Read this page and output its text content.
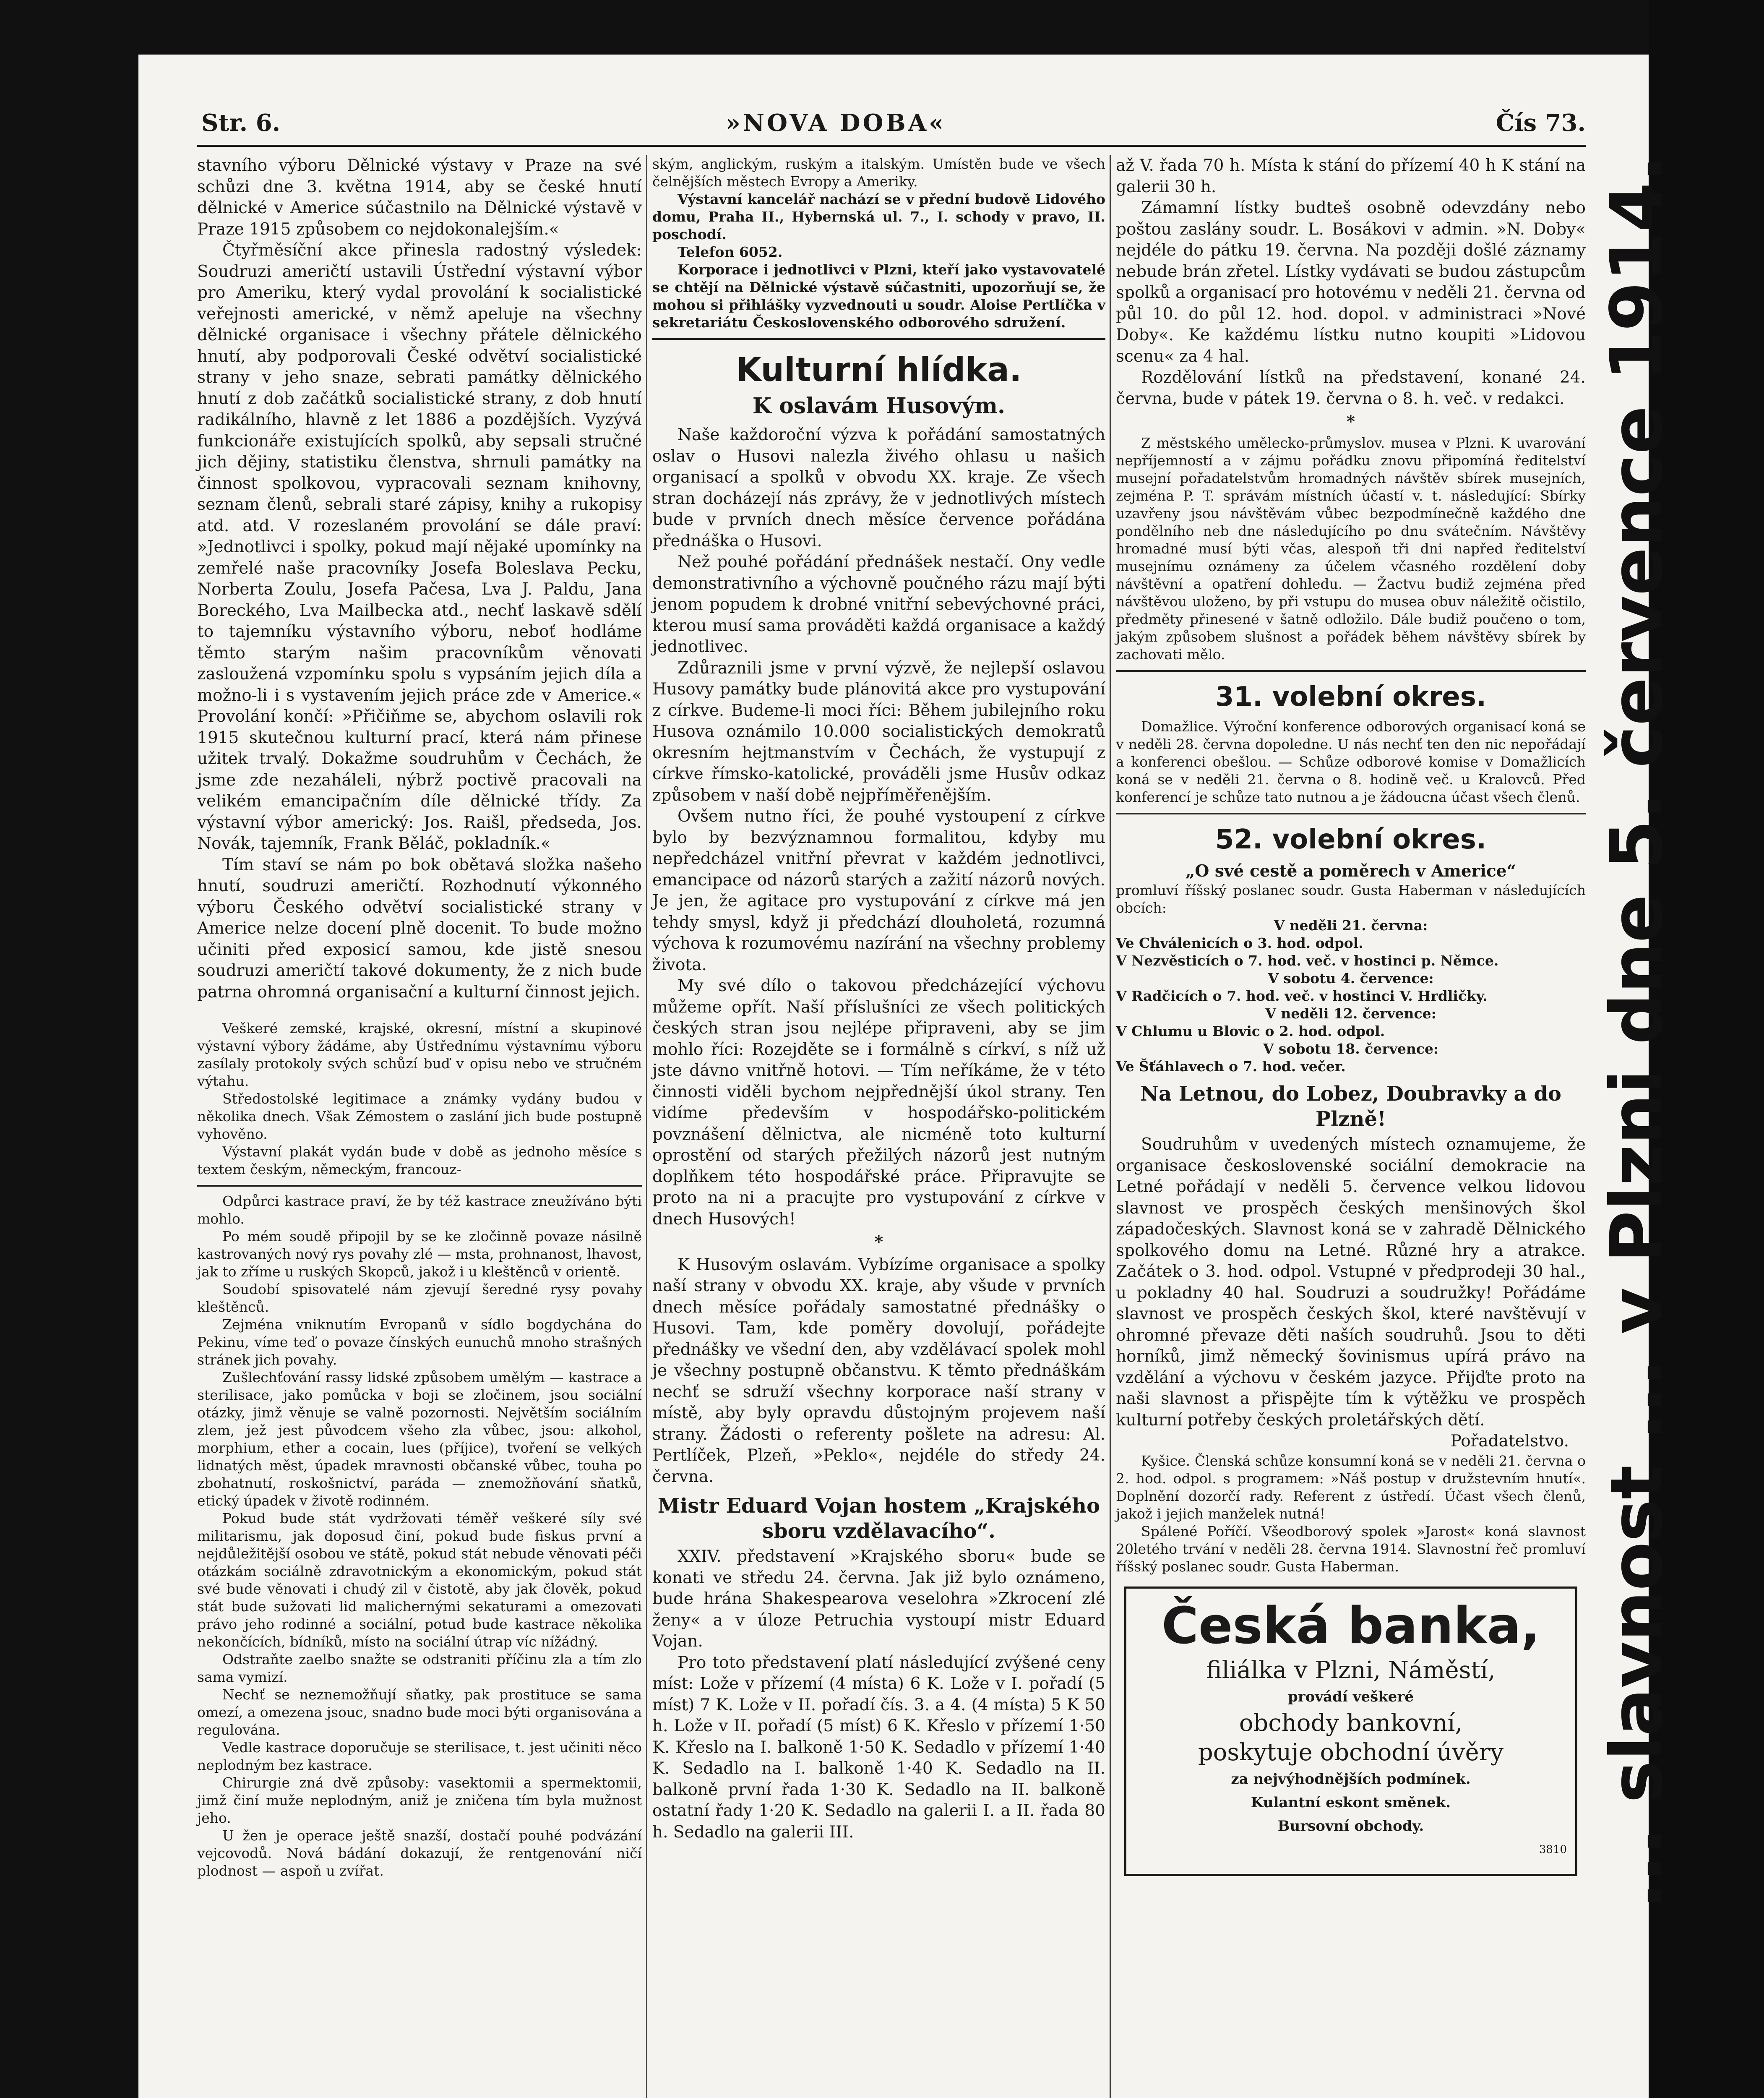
Str. 6.	»NOVA DOBA«	Čís 73.

stavního výboru Dělnické výstavy v Praze na své schůzi dne 3. května 1914, aby se české hnutí dělnické v Americe súčastnilo na Dělnické výstavě v Praze 1915 způsobem co nejdokonalejším.«

Čtyřměsíční akce přinesla radostný výsledek: Soudruzi američtí ustavili Ústřední výstavní výbor pro Ameriku, který vydal provolání k socialistické veřejnosti americké, v němž apeluje na všechny dělnické organisace i všechny přátele dělnického hnutí, aby podporovali České odvětví socialistické strany v jeho snaze, sebrati památky dělnického hnutí z dob začátků socialistické strany, z dob hnutí radikálního, hlavně z let 1886 a pozdějších. Vyzývá funkcionáře existujících spolků, aby sepsali stručné jich dějiny, statistiku členstva, shrnuli památky na činnost spolkovou, vypracovali seznam knihovny, seznam členů, sebrali staré zápisy, knihy a rukopisy atd. atd. V rozeslaném provolání se dále praví: »Jednotlivci i spolky, pokud mají nějaké upomínky na zemřelé naše pracovníky Josefa Boleslava Pecku, Norberta Zoulu, Josefa Pačesa, Lva J. Paldu, Jana Boreckého, Lva Mailbecka atd., nechť laskavě sdělí to tajemníku výstavního výboru, neboť hodláme těmto starým našim pracovníkům věnovati zasloužená vzpomínku spolu s vypsáním jejich díla a možno-li i s vystavením jejich práce zde v Americe.« Provolání končí: »Přičiňme se, abychom oslavili rok 1915 skutečnou kulturní prací, která nám přinese užitek trvalý. Dokažme soudruhům v Čechách, že jsme zde nezaháleli, nýbrž poctivě pracovali na velikém emancipačním díle dělnické třídy. Za výstavní výbor americký: Jos. Raišl, předseda, Jos. Novák, tajemník, Frank Běláč, pokladník.«

Tím staví se nám po bok obětavá složka našeho hnutí, soudruzi američtí. Rozhodnutí výkonného výboru Českého odvětví socialistické strany v Americe nelze docení plně docenit. To bude možno učiniti před exposicí samou, kde jistě snesou soudruzi američtí takové dokumenty, že z nich bude patrna ohromná organisační a kulturní činnost jejich.

Veškeré zemské, krajské, okresní, místní a skupinové výstavní výbory žádáme, aby Ústřednímu výstavnímu výboru zasílaly protokoly svých schůzí buď v opisu nebo ve stručném výtahu.

Středostolské legitimace a známky vydány budou v několika dnech. Však Zémostem o zaslání jich bude postupně vyhověno.

Výstavní plakát vydán bude v době as jednoho měsíce s textem českým, německým, francouz-

Odpůrci kastrace praví, že by též kastrace zneužíváno býti mohlo.

Po mém soudě připojil by se ke zločinně povaze násilně kastrovaných nový rys povahy zlé — msta, prohnanost, lhavost, jak to zříme u ruských Skopců, jakož i u kleštěnců v orientě.

Soudobí spisovatelé nám zjevují šeredné rysy povahy kleštěnců.

Zejména vniknutím Evropanů v sídlo bogdychána do Pekinu, víme teď o povaze čínských eunuchů mnoho strašných stránek jich povahy.

Zušlechťování rassy lidské způsobem umělým — kastrace a sterilisace, jako pomůcka v boji se zločinem, jsou sociální otázky, jimž věnuje se valně pozornosti. Největším sociálním zlem, jež jest původcem všeho zla vůbec, jsou: alkohol, morphium, ether a cocain, lues (příjice), tvoření se velkých lidnatých měst, úpadek mravnosti občanské vůbec, touha po zbohatnutí, roskošnictví, paráda — znemožňování sňatků, etický úpadek v životě rodinném.

Pokud bude stát vydržovati téměř veškeré síly své militarismu, jak doposud činí, pokud bude fiskus první a nejdůležitější osobou ve státě, pokud stát nebude věnovati péči otázkám sociálně zdravotnickým a ekonomickým, pokud stát své bude věnovati i chudý zil v čistotě, aby jak člověk, pokud stát bude sužovati lid malichernými sekaturami a omezovati právo jeho rodinné a sociální, potud bude kastrace několika nekončících, bídníků, místo na sociální útrap víc nížádný.

Odstraňte zaelbo snažte se odstraniti příčinu zla a tím zlo sama vymizí.

Nechť se neznemožňují sňatky, pak prostituce se sama omezí, a omezena jsouc, snadno bude moci býti organisována a regulována.

Vedle kastrace doporučuje se sterilisace, t. jest učiniti něco neplodným bez kastrace.

Chirurgie zná dvě způsoby: vasektomii a spermektomii, jimž činí muže neplodným, aniž je zničena tím byla mužnost jeho.

U žen je operace ještě snazší, dostačí pouhé podvázání vejcovodů. Nová bádání dokazují, že rentgenování ničí plodnost — aspoň u zvířat.

ským, anglickým, ruským a italským. Umístěn bude ve všech čelnějších městech Evropy a Ameriky.

Výstavní kancelář nachází se v přední budově Lidového domu, Praha II., Hybernská ul. 7., I. schody v pravo, II. poschodí.

Telefon 6052.

Korporace i jednotlivci v Plzni, kteří jako vystavovatelé se chtějí na Dělnické výstavě súčastniti, upozorňují se, že mohou si přihlášky vyzvednouti u soudr. Aloise Pertlíčka v sekretariátu Československého odborového sdružení.

Kulturní hlídka.
K oslavám Husovým.

Naše každoroční výzva k pořádání samostatných oslav o Husovi nalezla živého ohlasu u našich organisací a spolků v obvodu XX. kraje. Ze všech stran docházejí nás zprávy, že v jednotlivých místech bude v prvních dnech měsíce července pořádána přednáška o Husovi.

Než pouhé pořádání přednášek nestačí. Ony vedle demonstrativního a výchovně poučného rázu mají býti jenom popudem k drobné vnitřní sebevýchovné práci, kterou musí sama prováděti každá organisace a každý jednotlivec.

Zdůraznili jsme v první výzvě, že nejlepší oslavou Husovy památky bude plánovitá akce pro vystupování z církve. Budeme-li moci říci: Během jubilejního roku Husova oznámilo 10.000 socialistických demokratů okresním hejtmanstvím v Čechách, že vystupují z církve římsko-katolické, prováděli jsme Husův odkaz způsobem v naší době nejpříměřenějším.

Ovšem nutno říci, že pouhé vystoupení z církve bylo by bezvýznamnou formalitou, kdyby mu nepředcházel vnitřní převrat v každém jednotlivci, emancipace od názorů starých a zažití názorů nových. Je jen, že agitace pro vystupování z církve má jen tehdy smysl, když ji předchází dlouholetá, rozumná výchova k rozumovému nazírání na všechny problemy života.

My své dílo o takovou předcházející výchovu můžeme opřít. Naší příslušníci ze všech politických českých stran jsou nejlépe připraveni, aby se jim mohlo říci: Rozejděte se i formálně s církví, s níž už jste dávno vnitřně hotovi. — Tím neříkáme, že v této činnosti viděli bychom nejpřednější úkol strany. Ten vidíme především v hospodářsko-politickém povznášení dělnictva, ale nicméně toto kulturní oprostění od starých přežilých názorů jest nutným doplňkem této hospodářské práce. Připravujte se proto na ni a pracujte pro vystupování z církve v dnech Husových!

*

K Husovým oslavám. Vybízíme organisace a spolky naší strany v obvodu XX. kraje, aby všude v prvních dnech měsíce pořádaly samostatné přednášky o Husovi. Tam, kde poměry dovolují, pořádejte přednášky ve všední den, aby vzdělávací spolek mohl je všechny postupně občanstvu. K těmto přednáškám nechť se sdruží všechny korporace naší strany v místě, aby byly opravdu důstojným projevem naší strany. Žádosti o referenty pošlete na adresu: Al. Pertlíček, Plzeň, »Peklo«, nejdéle do středy 24. června.

Mistr Eduard Vojan hostem „Krajského sboru vzdělavacího“.

XXIV. představení »Krajského sboru« bude se konati ve středu 24. června. Jak již bylo oznámeno, bude hrána Shakespearova veselohra »Zkrocení zlé ženy« a v úloze Petruchia vystoupí mistr Eduard Vojan.

Pro toto představení platí následující zvýšené ceny míst: Lože v přízemí (4 místa) 6 K. Lože v I. pořadí (5 míst) 7 K. Lože v II. pořadí čís. 3. a 4. (4 místa) 5 K 50 h. Lože v II. pořadí (5 míst) 6 K. Křeslo v přízemí 1·50 K. Křeslo na I. balkoně 1·50 K. Sedadlo v přízemí 1·40 K. Sedadlo na I. balkoně 1·40 K. Sedadlo na II. balkoně první řada 1·30 K. Sedadlo na II. balkoně ostatní řady 1·20 K. Sedadlo na galerii I. a II. řada 80 h. Sedadlo na galerii III.

až V. řada 70 h. Místa k stání do přízemí 40 h K stání na galerii 30 h.

Zámamní lístky budteš osobně odevzdány nebo poštou zaslány soudr. L. Bosákovi v admin. »N. Doby« nejdéle do pátku 19. června. Na později došlé záznamy nebude brán zřetel. Lístky vydávati se budou zástupcům spolků a organisací pro hotovému v neděli 21. června od půl 10. do půl 12. hod. dopol. v administraci »Nové Doby«. Ke každému lístku nutno koupiti »Lidovou scenu« za 4 hal.

Rozdělování lístků na představení, konané 24. června, bude v pátek 19. června o 8. h. več. v redakci.

*

Z městského umělecko-průmyslov. musea v Plzni. K uvarování nepříjemností a v zájmu pořádku znovu připomíná ředitelství musejní pořadatelstvům hromadných návštěv sbírek musejních, zejména P. T. správám místních účastí v. t. následující: Sbírky uzavřeny jsou návštěvám vůbec bezpodmínečně každého dne pondělního neb dne následujícího po dnu svátečním. Návštěvy hromadné musí býti včas, alespoň tři dni napřed ředitelství musejnímu oznámeny za účelem včasného rozdělení doby návštěvní a opatření dohledu. — Žactvu budiž zejména před návštěvou uloženo, by při vstupu do musea obuv náležitě očistilo, předměty přinesené v šatně odložilo. Dále budiž poučeno o tom, jakým způsobem slušnost a pořádek během návštěvy sbírek by zachovati mělo.

31. volební okres.

Domažlice. Výroční konference odborových organisací koná se v neděli 28. června dopoledne. U nás nechť ten den nic nepořádají a konferenci obešlou. — Schůze odborové komise v Domažlicích koná se v neděli 21. června o 8. hodině več. u Kralovců. Před konferencí je schůze tato nutnou a je žádoucna účast všech členů.

52. volební okres.
„O své cestě a poměrech v Americe“

promluví říšský poslanec soudr. Gusta Haberman v následujících obcích:

V neděli 21. června:
Ve Chválenicích o 3. hod. odpol.
V Nezvěsticích o 7. hod. več. v hostinci p. Němce.
V sobotu 4. července:
V Radčicích o 7. hod. več. v hostinci V. Hrdličky.
V neděli 12. července:
V Chlumu u Blovic o 2. hod. odpol.
V sobotu 18. července:
Ve Šťáhlavech o 7. hod. večer.
Na Letnou, do Lobez, Doubravky a do Plzně!

Soudruhům v uvedených místech oznamujeme, že organisace československé sociální demokracie na Letné pořádají v neděli 5. července velkou lidovou slavnost ve prospěch českých menšinových škol západočeských. Slavnost koná se v zahradě Dělnického spolkového domu na Letné. Různé hry a atrakce. Začátek o 3. hod. odpol. Vstupné v předprodeji 30 hal., u pokladny 40 hal. Soudruzi a soudružky! Pořádáme slavnost ve prospěch českých škol, které navštěvují v ohromné převaze děti naších soudruhů. Jsou to děti horníků, jimž německý šovinismus upírá právo na vzdělání a výchovu v českém jazyce. Přijďte proto na naši slavnost a přispějte tím k výtěžku ve prospěch kulturní potřeby českých proletářských dětí.

Pořadatelstvo.

Kyšice. Členská schůze konsumní koná se v neděli 21. června o 2. hod. odpol. s programem: »Náš postup v družstevním hnutí«. Doplnění dozorčí rady. Referent z ústředí. Účast všech členů, jakož i jejich manželek nutná!

Spálené Poříčí. Všeodborový spolek »Jarost« koná slavnost 20letého trvání v neděli 28. června 1914. Slavnostní řeč promluví říšský poslanec soudr. Gusta Haberman.

Česká banka,
filiálka v Plzni, Náměstí,
provádí veškeré
obchody bankovní,
poskytuje obchodní úvěry
za nejvýhodnějších podmínek.
Kulantní eskont směnek.
Bursovní obchody.
3810 ... slavnost ... v Plzni dne 5. července 1914.
